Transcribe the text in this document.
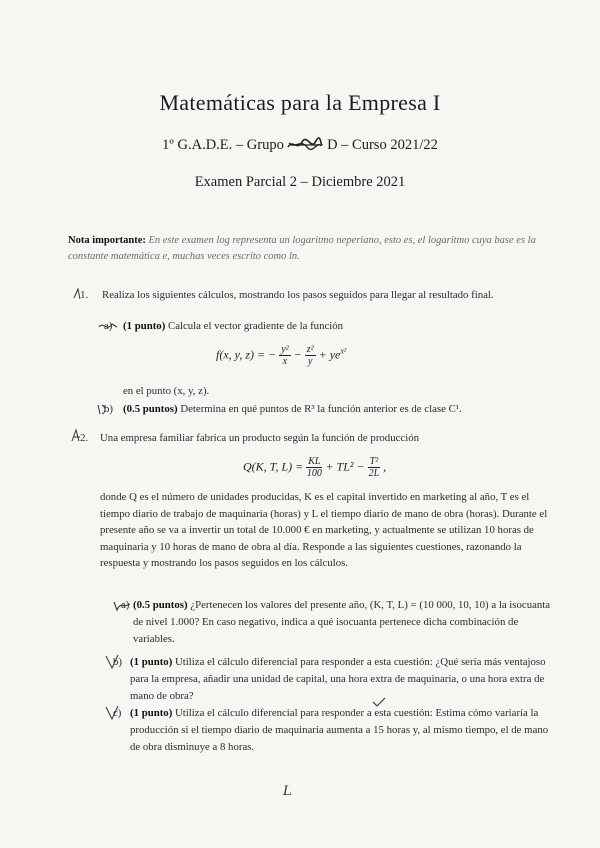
Matemáticas para la Empresa I
1º G.A.D.E. – Grupo	D – Curso 2021/22
Examen Parcial 2 – Diciembre 2021
Nota importante: En este examen log representa un logaritmo neperiano, esto es, el logaritmo cuya base es la constante matemática e, muchas veces escrito como ln.
1. Realiza los siguientes cálculos, mostrando los pasos seguidos para llegar al resultado final.
a) (1 punto) Calcula el vector gradiente de la función
f(x, y, z) = − $\frac{\text{y²}}{x} - \frac{\text{z²}}{y} + ye^{x^2}$
en el punto (x, y, z).
b) (0.5 puntos) Determina en qué puntos de R³ la función anterior es de clase C¹.
2. Una empresa familiar fabrica un producto según la función de producción
Q(K, T, $L) = \frac{KL}{100} + TL^2 - \frac{\text{T²}}{2L}$ ,
donde Q es el número de unidades producidas, K es el capital invertido en marketing al año, T es el tiempo diario de trabajo de maquinaria (horas) y L el tiempo diario de mano de obra (horas). Durante el presente año se va a invertir un total de 10.000 € en marketing, y actualmente se utilizan 10 horas de maquinaria y 10 horas de mano de obra al día. Responde a las siguientes cuestiones, razonando la respuesta y mostrando los pasos seguidos en los cálculos.
a) (0.5 puntos) ¿Pertenecen los valores del presente año, (K, T, L) = (10 000, 10, 10) a la isocuanta de nivel 1.000? En caso negativo, indica a qué isocuanta pertenece dicha combinación de variables.
b) (1 punto) Utiliza el cálculo diferencial para responder a esta cuestión: ¿Qué sería más ventajoso para la empresa, añadir una unidad de capital, una hora extra de maquinaria, o una hora extra de mano de obra?
c) (1 punto) Utiliza el cálculo diferencial para responder a esta cuestión: Estima cómo variaría la producción si el tiempo diario de maquinaria aumenta a 15 horas y, al mismo tiempo, el de mano de obra disminuye a 8 horas.
L
